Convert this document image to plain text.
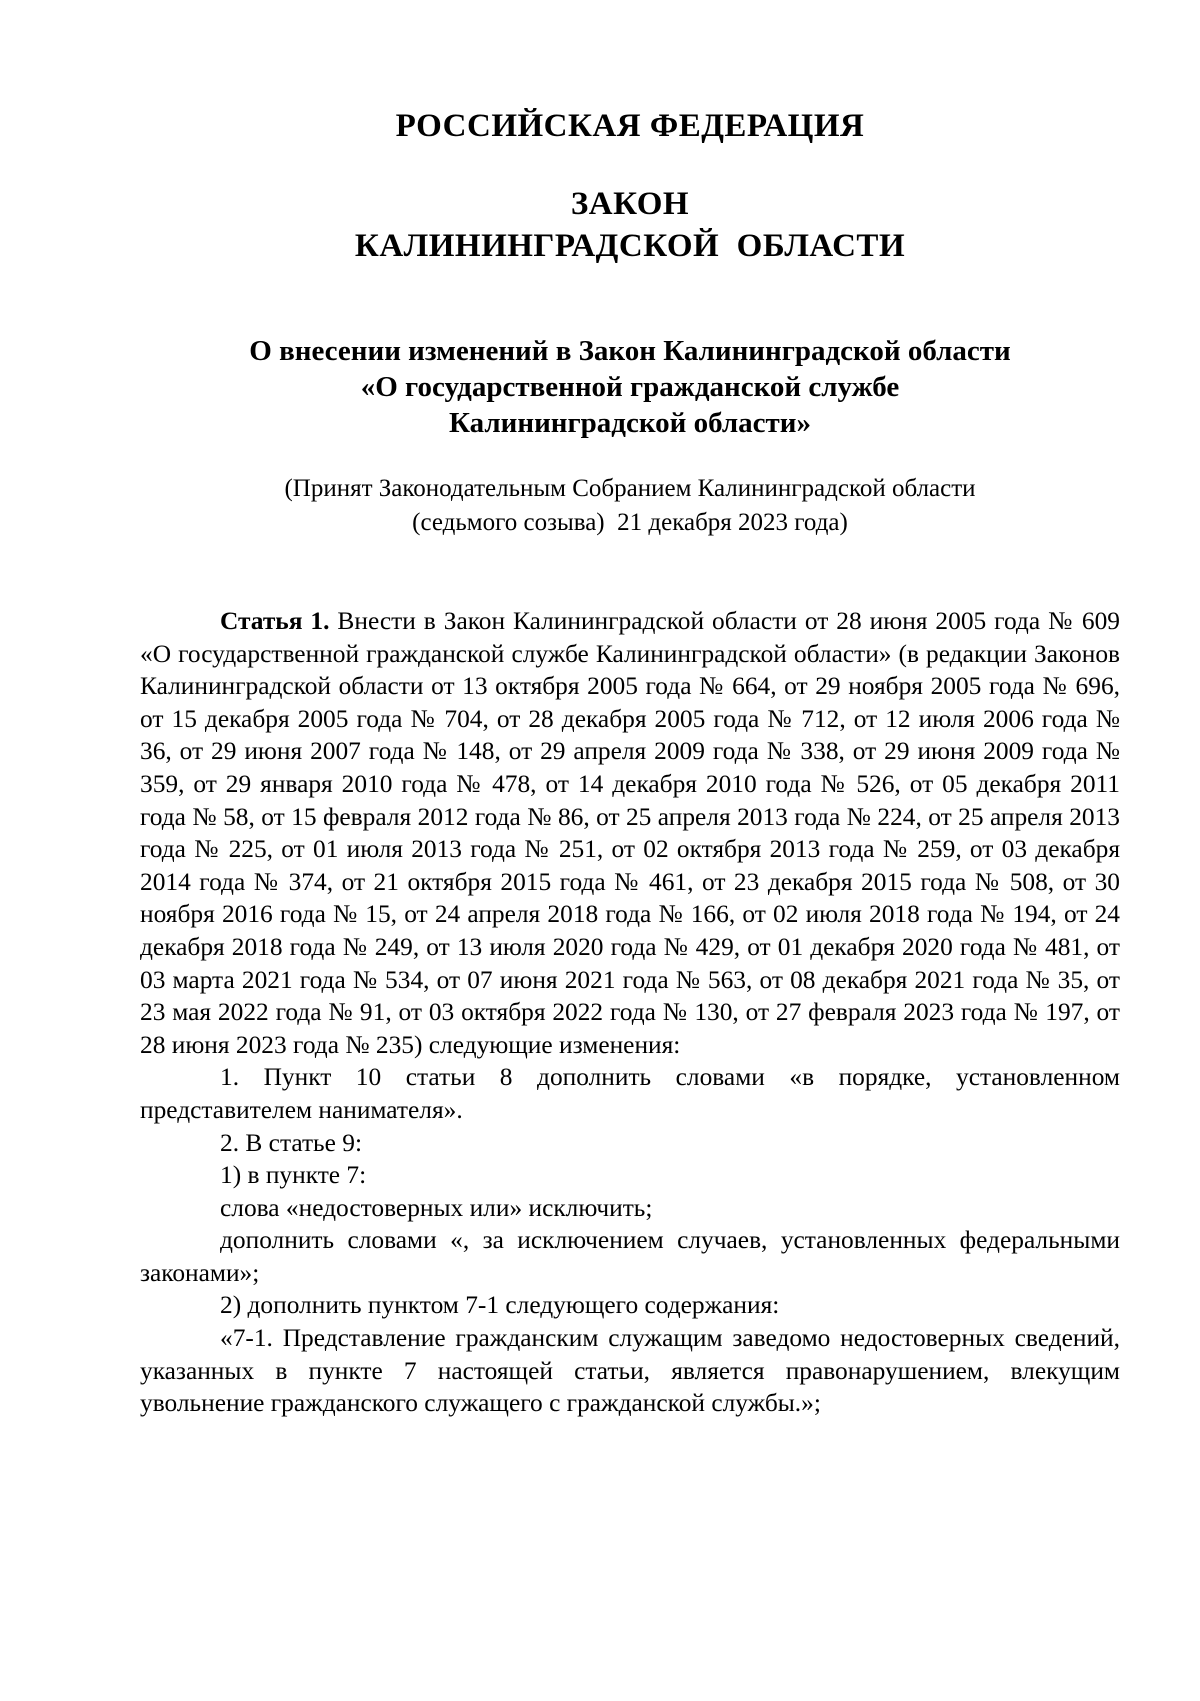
РОССИЙСКАЯ ФЕДЕРАЦИЯ
ЗАКОН
КАЛИНИНГРАДСКОЙ  ОБЛАСТИ
О внесении изменений в Закон Калининградской области
«О государственной гражданской службе
Калининградской области»
(Принят Законодательным Собранием Калининградской области
(седьмого созыва)  21 декабря 2023 года)

Статья 1. Внести в Закон Калининградской области от 28 июня 2005 года № 609 «О государственной гражданской службе Калининградской области» (в редакции Законов Калининградской области от 13 октября 2005 года № 664, от 29 ноября 2005 года № 696, от 15 декабря 2005 года № 704, от 28 декабря 2005 года № 712, от 12 июля 2006 года № 36, от 29 июня 2007 года № 148, от 29 апреля 2009 года № 338, от 29 июня 2009 года № 359, от 29 января 2010 года № 478, от 14 декабря 2010 года № 526, от 05 декабря 2011 года № 58, от 15 февраля 2012 года № 86, от 25 апреля 2013 года № 224, от 25 апреля 2013 года № 225, от 01 июля 2013 года № 251, от 02 октября 2013 года № 259, от 03 декабря 2014 года № 374, от 21 октября 2015 года № 461, от 23 декабря 2015 года № 508, от 30 ноября 2016 года № 15, от 24 апреля 2018 года № 166, от 02 июля 2018 года № 194, от 24 декабря 2018 года № 249, от 13 июля 2020 года № 429, от 01 декабря 2020 года № 481, от 03 марта 2021 года № 534, от 07 июня 2021 года № 563, от 08 декабря 2021 года № 35, от 23 мая 2022 года № 91, от 03 октября 2022 года № 130, от 27 февраля 2023 года № 197, от 28 июня 2023 года № 235) следующие изменения:

1. Пункт 10 статьи 8 дополнить словами «в порядке, установленном представителем нанимателя».

2. В статье 9:

1) в пункте 7:

слова «недостоверных или» исключить;

дополнить словами «, за исключением случаев, установленных федеральными законами»;

2) дополнить пунктом 7-1 следующего содержания:

«7-1. Представление гражданским служащим заведомо недостоверных сведений, указанных в пункте 7 настоящей статьи, является правонарушением, влекущим увольнение гражданского служащего с гражданской службы.»;
